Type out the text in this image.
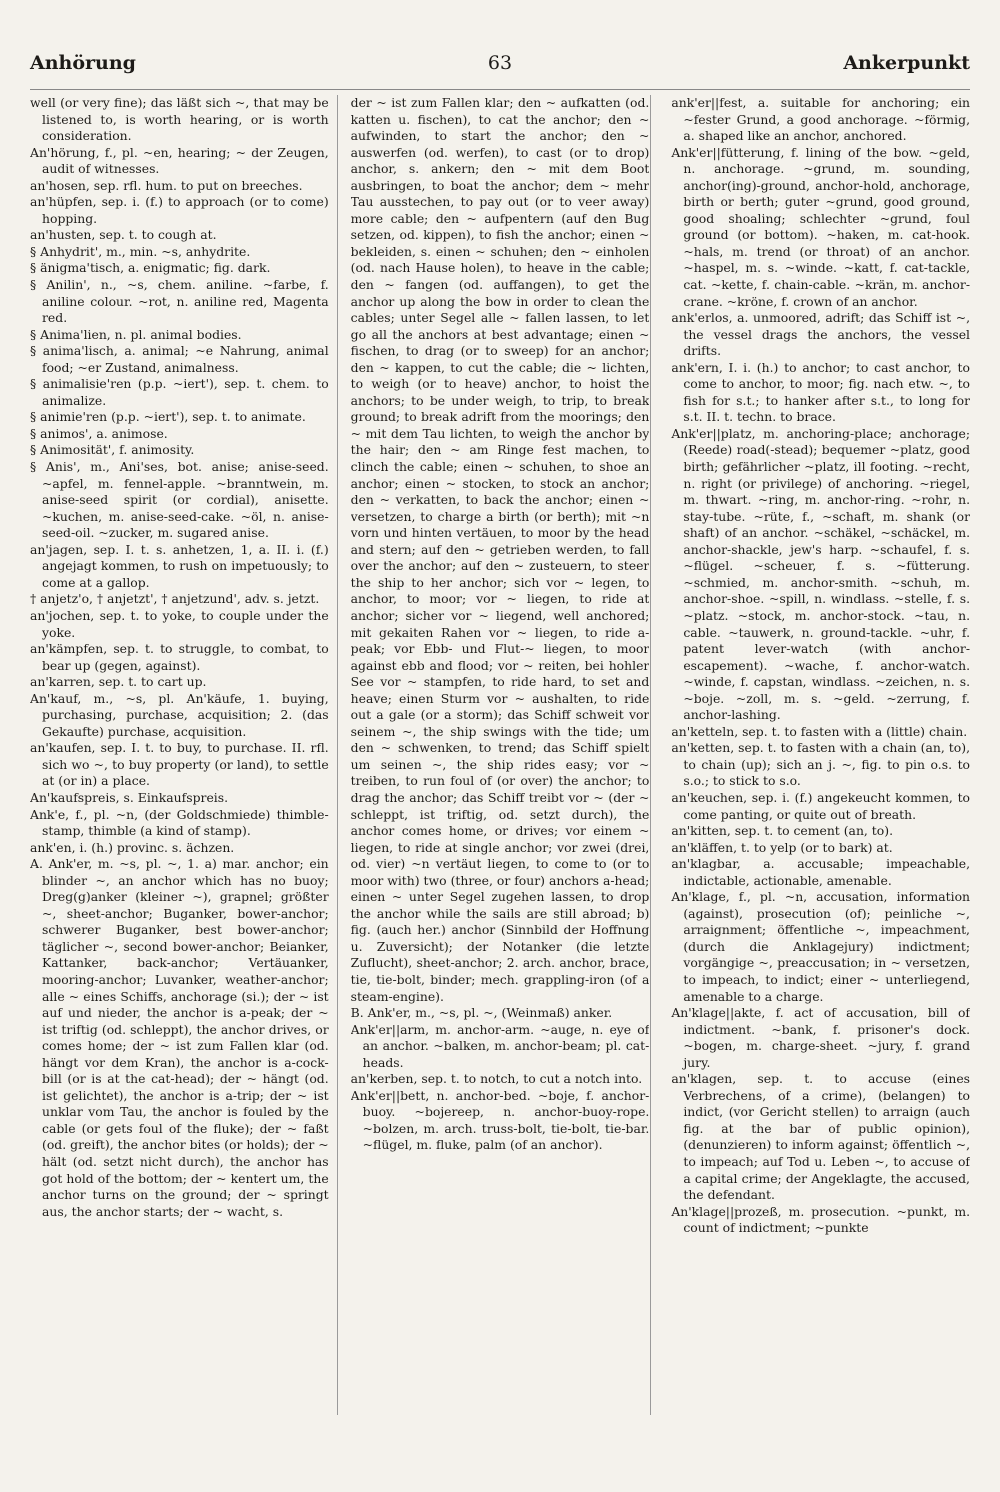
Anhörung	63	Ankerpunkt

well (or very fine); das läßt sich ~, that may be listened to, is worth hearing, or is worth consideration.

An'hörung, f., pl. ~en, hearing; ~ der Zeugen, audit of witnesses.

an'hosen, sep. rfl. hum. to put on breeches.

an'hüpfen, sep. i. (f.) to approach (or to come) hopping.

an'husten, sep. t. to cough at.

§ Anhydrit', m., min. ~s, anhydrite.

§ änigma'tisch, a. enigmatic; fig. dark.

§ Anilin', n., ~s, chem. aniline. ~farbe, f. aniline colour. ~rot, n. aniline red, Magenta red.

§ Anima'lien, n. pl. animal bodies.

§ anima'lisch, a. animal; ~e Nahrung, animal food; ~er Zustand, animalness.

§ animalisie'ren (p.p. ~iert'), sep. t. chem. to animalize.

§ animie'ren (p.p. ~iert'), sep. t. to animate.

§ animos', a. animose.

§ Animosität', f. animosity.

§ Anis', m., Ani'ses, bot. anise; anise-seed. ~apfel, m. fennel-apple. ~branntwein, m. anise-seed spirit (or cordial), anisette. ~kuchen, m. anise-seed-cake. ~öl, n. anise-seed-oil. ~zucker, m. sugared anise.

an'jagen, sep. I. t. s. anhetzen, 1, a. II. i. (f.) angejagt kommen, to rush on impetuously; to come at a gallop.

† anjetz'o, † anjetzt', † anjetzund', adv. s. jetzt.

an'jochen, sep. t. to yoke, to couple under the yoke.

an'kämpfen, sep. t. to struggle, to combat, to bear up (gegen, against).

an'karren, sep. t. to cart up.

An'kauf, m., ~s, pl. An'käufe, 1. buying, purchasing, purchase, acquisition; 2. (das Gekaufte) purchase, acquisition.

an'kaufen, sep. I. t. to buy, to purchase. II. rfl. sich wo ~, to buy property (or land), to settle at (or in) a place.

An'kaufspreis, s. Einkaufspreis.

Ank'e, f., pl. ~n, (der Goldschmiede) thimble-stamp, thimble (a kind of stamp).

ank'en, i. (h.) provinc. s. ächzen.

A. Ank'er, m. ~s, pl. ~, 1. a) mar. anchor; ein blinder ~, an anchor which has no buoy; Dreg(g)anker (kleiner ~), grapnel; größter ~, sheet-anchor; Buganker, bower-anchor; schwerer Buganker, best bower-anchor; täglicher ~, second bower-anchor; Beianker, Kattanker, back-anchor; Vertäuanker, mooring-anchor; Luvanker, weather-anchor; alle ~ eines Schiffs, anchorage (si.); der ~ ist auf und nieder, the anchor is a-peak; der ~ ist triftig (od. schleppt), the anchor drives, or comes home; der ~ ist zum Fallen klar (od. hängt vor dem Kran), the anchor is a-cock-bill (or is at the cat-head); der ~ hängt (od. ist gelichtet), the anchor is a-trip; der ~ ist unklar vom Tau, the anchor is fouled by the cable (or gets foul of the fluke); der ~ faßt (od. greift), the anchor bites (or holds); der ~ hält (od. setzt nicht durch), the anchor has got hold of the bottom; der ~ kentert um, the anchor turns on the ground; der ~ springt aus, the anchor starts; der ~ wacht, s.

der ~ ist zum Fallen klar; den ~ aufkatten (od. katten u. fischen), to cat the anchor; den ~ aufwinden, to start the anchor; den ~ auswerfen (od. werfen), to cast (or to drop) anchor, s. ankern; den ~ mit dem Boot ausbringen, to boat the anchor; dem ~ mehr Tau ausstechen, to pay out (or to veer away) more cable; den ~ aufpentern (auf den Bug setzen, od. kippen), to fish the anchor; einen ~ bekleiden, s. einen ~ schuhen; den ~ einholen (od. nach Hause holen), to heave in the cable; den ~ fangen (od. auffangen), to get the anchor up along the bow in order to clean the cables; unter Segel alle ~ fallen lassen, to let go all the anchors at best advantage; einen ~ fischen, to drag (or to sweep) for an anchor; den ~ kappen, to cut the cable; die ~ lichten, to weigh (or to heave) anchor, to hoist the anchors; to be under weigh, to trip, to break ground; to break adrift from the moorings; den ~ mit dem Tau lichten, to weigh the anchor by the hair; den ~ am Ringe fest machen, to clinch the cable; einen ~ schuhen, to shoe an anchor; einen ~ stocken, to stock an anchor; den ~ verkatten, to back the anchor; einen ~ versetzen, to charge a birth (or berth); mit ~n vorn und hinten vertäuen, to moor by the head and stern; auf den ~ getrieben werden, to fall over the anchor; auf den ~ zusteuern, to steer the ship to her anchor; sich vor ~ legen, to anchor, to moor; vor ~ liegen, to ride at anchor; sicher vor ~ liegend, well anchored; mit gekaiten Rahen vor ~ liegen, to ride a-peak; vor Ebb- und Flut-~ liegen, to moor against ebb and flood; vor ~ reiten, bei hohler See vor ~ stampfen, to ride hard, to set and heave; einen Sturm vor ~ aushalten, to ride out a gale (or a storm); das Schiff schweit vor seinem ~, the ship swings with the tide; um den ~ schwenken, to trend; das Schiff spielt um seinen ~, the ship rides easy; vor ~ treiben, to run foul of (or over) the anchor; to drag the anchor; das Schiff treibt vor ~ (der ~ schleppt, ist triftig, od. setzt durch), the anchor comes home, or drives; vor einem ~ liegen, to ride at single anchor; vor zwei (drei, od. vier) ~n vertäut liegen, to come to (or to moor with) two (three, or four) anchors a-head; einen ~ unter Segel zugehen lassen, to drop the anchor while the sails are still abroad; b) fig. (auch her.) anchor (Sinnbild der Hoffnung u. Zuversicht); der Notanker (die letzte Zuflucht), sheet-anchor; 2. arch. anchor, brace, tie, tie-bolt, binder; mech. grappling-iron (of a steam-engine).

B. Ank'er, m., ~s, pl. ~, (Weinmaß) anker.

Ank'er||arm, m. anchor-arm. ~auge, n. eye of an anchor. ~balken, m. anchor-beam; pl. cat-heads.

an'kerben, sep. t. to notch, to cut a notch into.

Ank'er||bett, n. anchor-bed. ~boje, f. anchor-buoy. ~bojereep, n. anchor-buoy-rope. ~bolzen, m. arch. truss-bolt, tie-bolt, tie-bar. ~flügel, m. fluke, palm (of an anchor).

ank'er||fest, a. suitable for anchoring; ein ~fester Grund, a good anchorage. ~förmig, a. shaped like an anchor, anchored.

Ank'er||fütterung, f. lining of the bow. ~geld, n. anchorage. ~grund, m. sounding, anchor(ing)-ground, anchor-hold, anchorage, birth or berth; guter ~grund, good ground, good shoaling; schlechter ~grund, foul ground (or bottom). ~haken, m. cat-hook. ~hals, m. trend (or throat) of an anchor. ~haspel, m. s. ~winde. ~katt, f. cat-tackle, cat. ~kette, f. chain-cable. ~krän, m. anchor-crane. ~kröne, f. crown of an anchor.

ank'erlos, a. unmoored, adrift; das Schiff ist ~, the vessel drags the anchors, the vessel drifts.

ank'ern, I. i. (h.) to anchor; to cast anchor, to come to anchor, to moor; fig. nach etw. ~, to fish for s.t.; to hanker after s.t., to long for s.t. II. t. techn. to brace.

Ank'er||platz, m. anchoring-place; anchorage; (Reede) road(-stead); bequemer ~platz, good birth; gefährlicher ~platz, ill footing. ~recht, n. right (or privilege) of anchoring. ~riegel, m. thwart. ~ring, m. anchor-ring. ~rohr, n. stay-tube. ~rüte, f., ~schaft, m. shank (or shaft) of an anchor. ~schäkel, ~schäckel, m. anchor-shackle, jew's harp. ~schaufel, f. s. ~flügel. ~scheuer, f. s. ~fütterung. ~schmied, m. anchor-smith. ~schuh, m. anchor-shoe. ~spill, n. windlass. ~stelle, f. s. ~platz. ~stock, m. anchor-stock. ~tau, n. cable. ~tauwerk, n. ground-tackle. ~uhr, f. patent lever-watch (with anchor-escapement). ~wache, f. anchor-watch. ~winde, f. capstan, windlass. ~zeichen, n. s. ~boje. ~zoll, m. s. ~geld. ~zerrung, f. anchor-lashing.

an'ketteln, sep. t. to fasten with a (little) chain.

an'ketten, sep. t. to fasten with a chain (an, to), to chain (up); sich an j. ~, fig. to pin o.s. to s.o.; to stick to s.o.

an'keuchen, sep. i. (f.) angekeucht kommen, to come panting, or quite out of breath.

an'kitten, sep. t. to cement (an, to).

an'kläffen, t. to yelp (or to bark) at.

an'klagbar, a. accusable; impeachable, indictable, actionable, amenable.

An'klage, f., pl. ~n, accusation, information (against), prosecution (of); peinliche ~, arraignment; öffentliche ~, impeachment, (durch die Anklagejury) indictment; vorgängige ~, preaccusation; in ~ versetzen, to impeach, to indict; einer ~ unterliegend, amenable to a charge.

An'klage||akte, f. act of accusation, bill of indictment. ~bank, f. prisoner's dock. ~bogen, m. charge-sheet. ~jury, f. grand jury.

an'klagen, sep. t. to accuse (eines Verbrechens, of a crime), (belangen) to indict, (vor Gericht stellen) to arraign (auch fig. at the bar of public opinion), (denunzieren) to inform against; öffentlich ~, to impeach; auf Tod u. Leben ~, to accuse of a capital crime; der Angeklagte, the accused, the defendant.

An'klage||prozeß, m. prosecution. ~punkt, m. count of indictment; ~punkte
